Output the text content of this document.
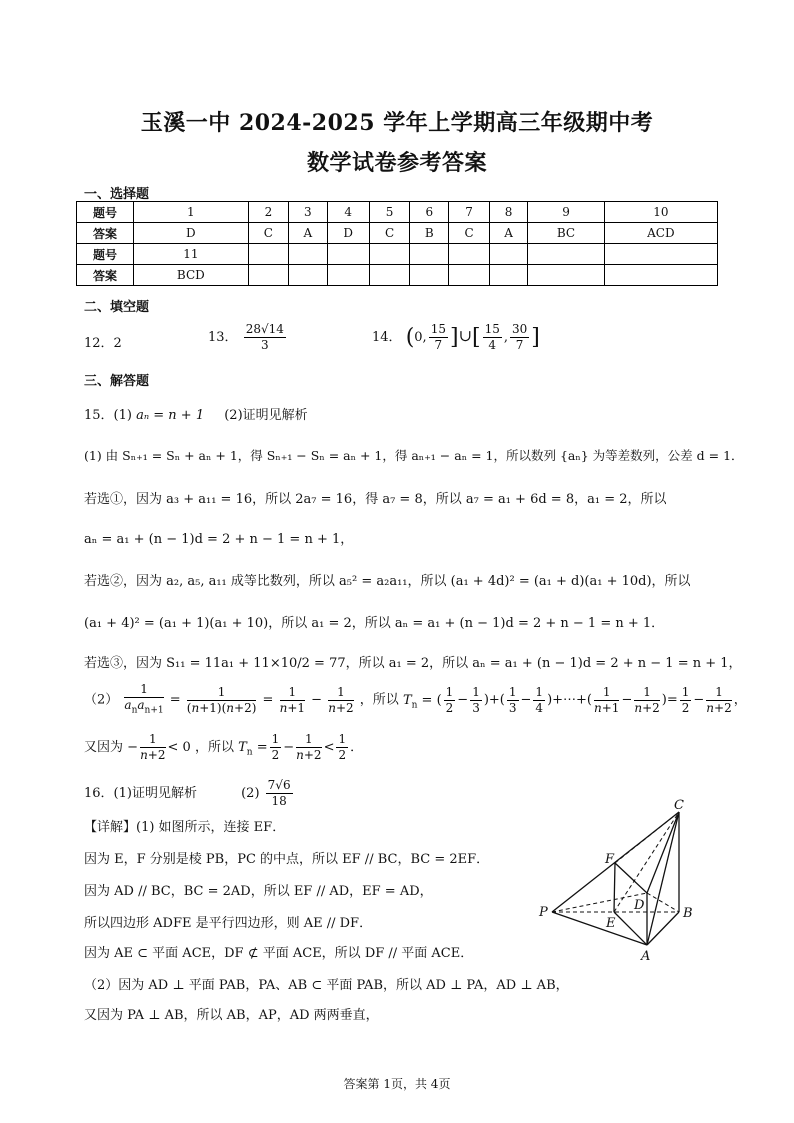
玉溪一中 2024-2025 学年上学期高三年级期中考
数学试卷参考答案
一、选择题
题号	1	2	3	4	5	6	7	8	9	10
答案	D	C	A	D	C	B	C	A	BC	ACD
题号	11									
答案	BCD									
二、填空题
12．2	13． $\frac{28√14}{3}$	14． (0, $\frac{15}{7}$ ]∪[ $\frac{15}{4}$ , $\frac{30}{7}$ ]
三、解答题
15．(1) aₙ = n + 1 (2)证明见解析
(1) 由 Sₙ₊₁ = Sₙ + aₙ + 1，得 Sₙ₊₁ − Sₙ = aₙ + 1，得 aₙ₊₁ − aₙ = 1，所以数列 {aₙ} 为等差数列，公差 d = 1．
若选①，因为 a₃ + a₁₁ = 16，所以 2a₇ = 16，得 a₇ = 8，所以 a₇ = a₁ + 6d = 8，a₁ = 2，所以
aₙ = a₁ + (n − 1)d = 2 + n − 1 = n + 1，
若选②，因为 a₂, a₅, a₁₁ 成等比数列，所以 a₅² = a₂a₁₁，所以 (a₁ + 4d)² = (a₁ + d)(a₁ + 10d)，所以
(a₁ + 4)² = (a₁ + 1)(a₁ + 10)，所以 a₁ = 2，所以 aₙ = a₁ + (n − 1)d = 2 + n − 1 = n + 1．
若选③，因为 S₁₁ = 11a₁ + 11×10/2 = 77，所以 a₁ = 2，所以 aₙ = a₁ + (n − 1)d = 2 + n − 1 = n + 1，
$(2) \frac{1}{a_na_{n+1}} = \frac{1}{(n+1)(n+2)} = \frac{1}{n+1} - \frac{1}{n+2}$ ，所以 $T_n$ = ( $\frac{1}{2} - \frac{1}{3}$ )+( $\frac{1}{3} - \frac{1}{4}$ )+⋯+( $\frac{1}{n+1} - \frac{1}{n+2}$ )= $\frac{1}{2} - \frac{1}{n+2}$ ，
又因为 − $\frac{1}{n+2} < 0$ ，所以 $T_n = \frac{1}{2} - \frac{1}{n+2} < \frac{1}{2}$ ．
16．(1)证明见解析	$(2) \frac{7√6}{18}$
【详解】(1) 如图所示，连接 EF．
因为 E，F 分别是棱 PB，PC 的中点，所以 EF // BC，BC = 2EF．
因为 AD // BC，BC = 2AD，所以 EF // AD，EF = AD，
所以四边形 ADFE 是平行四边形，则 AE // DF．
因为 AE ⊂ 平面 ACE，DF ⊄ 平面 ACE，所以 DF // 平面 ACE．
（2）因为 AD ⊥ 平面 PAB，PA、AB ⊂ 平面 PAB，所以 AD ⊥ PA，AD ⊥ AB，
又因为 PA ⊥ AB，所以 AB，AP，AD 两两垂直，
C
F
D
B
P
E
A
答案第 1页，共 4页
